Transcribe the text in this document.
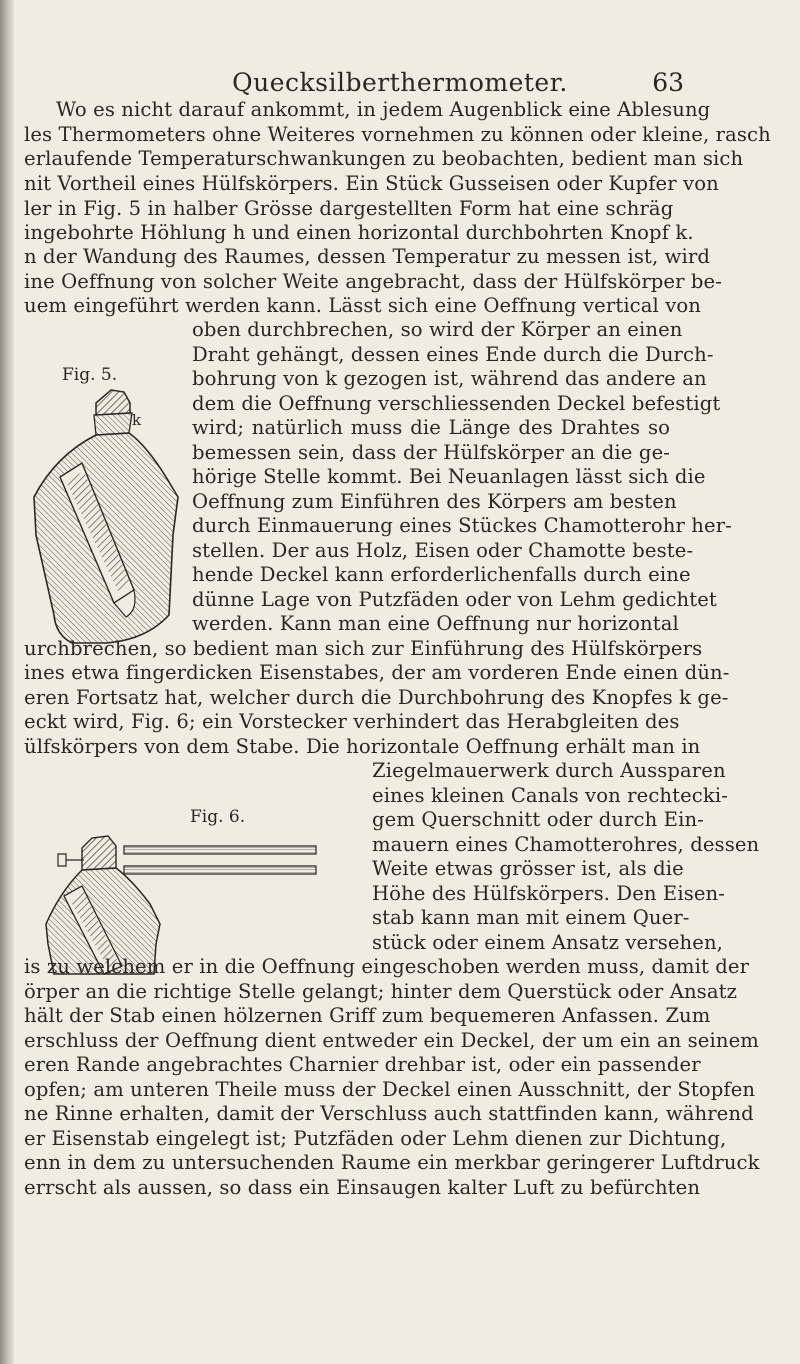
Quecksilberthermometer.	63
Fig. 5.
k
Fig. 6.
Wo es nicht darauf ankommt, in jedem Augenblick eine Ablesung
les Thermometers ohne Weiteres vornehmen zu können oder kleine, rasch
erlaufende Temperaturschwankungen zu beobachten, bedient man sich
nit Vortheil eines Hülfskörpers. Ein Stück Gusseisen oder Kupfer von
ler in Fig. 5 in halber Grösse dargestellten Form hat eine schräg
ingebohrte Höhlung h und einen horizontal durchbohrten Knopf k.
n der Wandung des Raumes, dessen Temperatur zu messen ist, wird
ine Oeffnung von solcher Weite angebracht, dass der Hülfskörper be-
uem eingeführt werden kann. Lässt sich eine Oeffnung vertical von
oben durchbrechen, so wird der Körper an einen
Draht gehängt, dessen eines Ende durch die Durch-
bohrung von k gezogen ist, während das andere an
dem die Oeffnung verschliessenden Deckel befestigt
wird; natürlich muss die Länge des Drahtes so
bemessen sein, dass der Hülfskörper an die ge-
hörige Stelle kommt. Bei Neuanlagen lässt sich die
Oeffnung zum Einführen des Körpers am besten
durch Einmauerung eines Stückes Chamotterohr her-
stellen. Der aus Holz, Eisen oder Chamotte beste-
hende Deckel kann erforderlichenfalls durch eine
dünne Lage von Putzfäden oder von Lehm gedichtet
werden. Kann man eine Oeffnung nur horizontal
urchbrechen, so bedient man sich zur Einführung des Hülfskörpers
ines etwa fingerdicken Eisenstabes, der am vorderen Ende einen dün-
eren Fortsatz hat, welcher durch die Durchbohrung des Knopfes k ge-
eckt wird, Fig. 6; ein Vorstecker verhindert das Herabgleiten des
ülfskörpers von dem Stabe. Die horizontale Oeffnung erhält man in
Ziegelmauerwerk durch Aussparen
eines kleinen Canals von rechtecki-
gem Querschnitt oder durch Ein-
mauern eines Chamotterohres, dessen
Weite etwas grösser ist, als die
Höhe des Hülfskörpers. Den Eisen-
stab kann man mit einem Quer-
stück oder einem Ansatz versehen,
is zu welchem er in die Oeffnung eingeschoben werden muss, damit der
örper an die richtige Stelle gelangt; hinter dem Querstück oder Ansatz
hält der Stab einen hölzernen Griff zum bequemeren Anfassen. Zum
erschluss der Oeffnung dient entweder ein Deckel, der um ein an seinem
eren Rande angebrachtes Charnier drehbar ist, oder ein passender
opfen; am unteren Theile muss der Deckel einen Ausschnitt, der Stopfen
ne Rinne erhalten, damit der Verschluss auch stattfinden kann, während
er Eisenstab eingelegt ist; Putzfäden oder Lehm dienen zur Dichtung,
enn in dem zu untersuchenden Raume ein merkbar geringerer Luftdruck
errscht als aussen, so dass ein Einsaugen kalter Luft zu befürchten
